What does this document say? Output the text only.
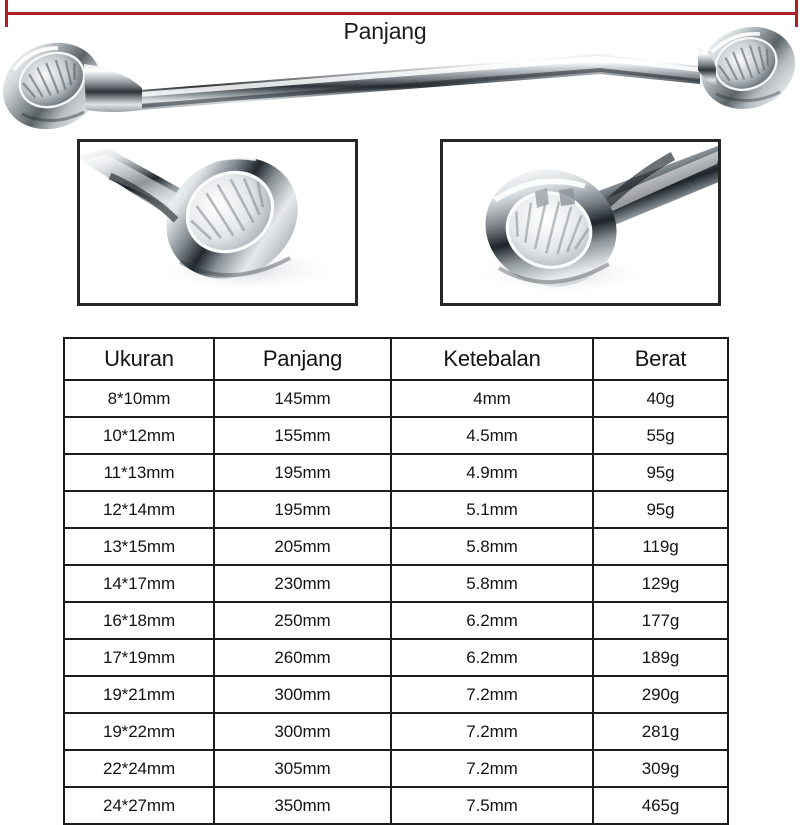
Panjang
Ukuran	Panjang	Ketebalan	Berat
8*10mm	145mm	4mm	40g
10*12mm	155mm	4.5mm	55g
11*13mm	195mm	4.9mm	95g
12*14mm	195mm	5.1mm	95g
13*15mm	205mm	5.8mm	119g
14*17mm	230mm	5.8mm	129g
16*18mm	250mm	6.2mm	177g
17*19mm	260mm	6.2mm	189g
19*21mm	300mm	7.2mm	290g
19*22mm	300mm	7.2mm	281g
22*24mm	305mm	7.2mm	309g
24*27mm	350mm	7.5mm	465g
